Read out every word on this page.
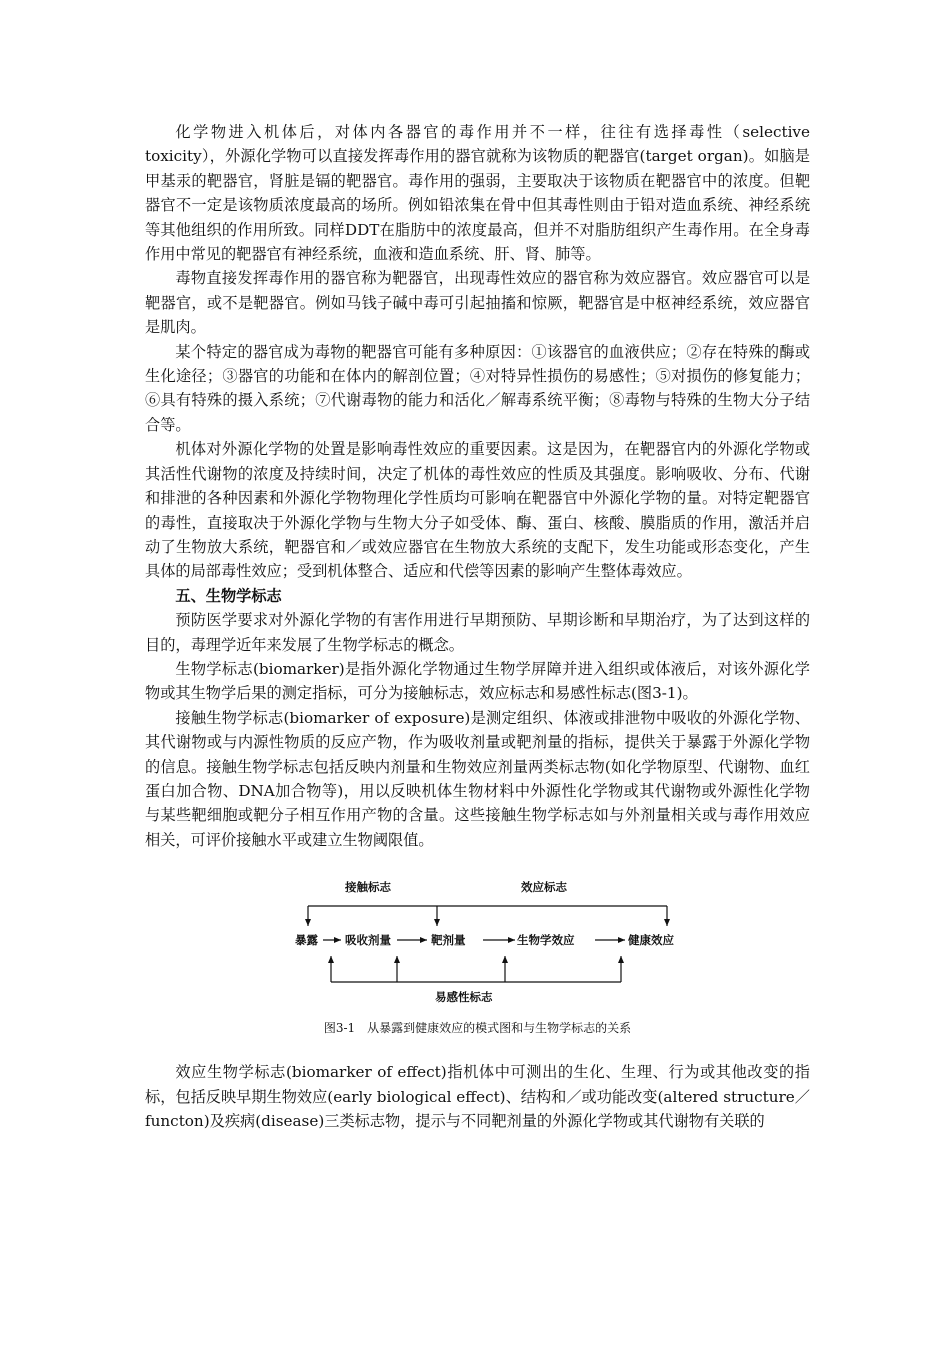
化学物进入机体后，对体内各器官的毒作用并不一样，往往有选择毒性（selective toxicity），外源化学物可以直接发挥毒作用的器官就称为该物质的靶器官(target organ)。如脑是甲基汞的靶器官，肾脏是镉的靶器官。毒作用的强弱，主要取决于该物质在靶器官中的浓度。但靶器官不一定是该物质浓度最高的场所。例如铅浓集在骨中但其毒性则由于铅对造血系统、神经系统等其他组织的作用所致。同样DDT在脂肪中的浓度最高，但并不对脂肪组织产生毒作用。在全身毒作用中常见的靶器官有神经系统，血液和造血系统、肝、肾、肺等。

毒物直接发挥毒作用的器官称为靶器官，出现毒性效应的器官称为效应器官。效应器官可以是靶器官，或不是靶器官。例如马钱子碱中毒可引起抽搐和惊厥，靶器官是中枢神经系统，效应器官是肌肉。

某个特定的器官成为毒物的靶器官可能有多种原因：①该器官的血液供应；②存在特殊的酶或生化途径；③器官的功能和在体内的解剖位置；④对特异性损伤的易感性；⑤对损伤的修复能力；⑥具有特殊的摄入系统；⑦代谢毒物的能力和活化／解毒系统平衡；⑧毒物与特殊的生物大分子结合等。

机体对外源化学物的处置是影响毒性效应的重要因素。这是因为，在靶器官内的外源化学物或其活性代谢物的浓度及持续时间，决定了机体的毒性效应的性质及其强度。影响吸收、分布、代谢和排泄的各种因素和外源化学物物理化学性质均可影响在靶器官中外源化学物的量。对特定靶器官的毒性，直接取决于外源化学物与生物大分子如受体、酶、蛋白、核酸、膜脂质的作用，激活并启动了生物放大系统，靶器官和／或效应器官在生物放大系统的支配下，发生功能或形态变化，产生具体的局部毒性效应；受到机体整合、适应和代偿等因素的影响产生整体毒效应。

五、生物学标志

预防医学要求对外源化学物的有害作用进行早期预防、早期诊断和早期治疗，为了达到这样的目的，毒理学近年来发展了生物学标志的概念。

生物学标志(biomarker)是指外源化学物通过生物学屏障并进入组织或体液后，对该外源化学物或其生物学后果的测定指标，可分为接触标志，效应标志和易感性标志(图3-1)。

接触生物学标志(biomarker of exposure)是测定组织、体液或排泄物中吸收的外源化学物、其代谢物或与内源性物质的反应产物，作为吸收剂量或靶剂量的指标，提供关于暴露于外源化学物的信息。接触生物学标志包括反映内剂量和生物效应剂量两类标志物(如化学物原型、代谢物、血红蛋白加合物、DNA加合物等)，用以反映机体生物材料中外源性化学物或其代谢物或外源性化学物与某些靶细胞或靶分子相互作用产物的含量。这些接触生物学标志如与外剂量相关或与毒作用效应相关，可评价接触水平或建立生物阈限值。

接触标志	效应标志
暴露 吸收剂量	靶剂量	生物学效应	健康效应
易感性标志
图3-1　从暴露到健康效应的模式图和与生物学标志的关系

效应生物学标志(biomarker of effect)指机体中可测出的生化、生理、行为或其他改变的指标，包括反映早期生物效应(early biological effect)、结构和／或功能改变(altered structure／functon)及疾病(disease)三类标志物，提示与不同靶剂量的外源化学物或其代谢物有关联的
